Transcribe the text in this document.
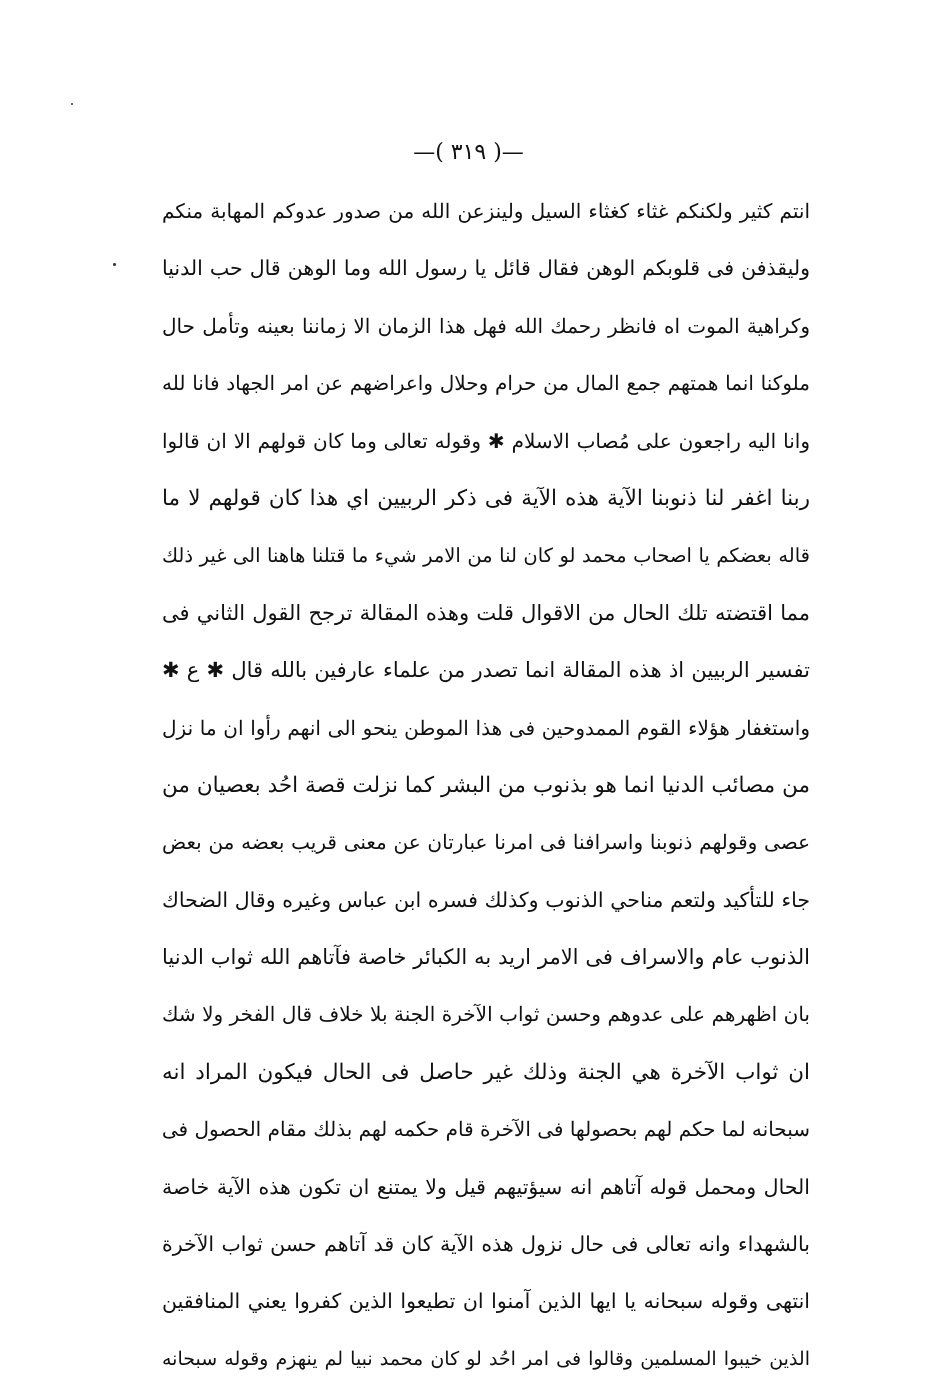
—( ٣١٩ )—
انتم كثير ولكنكم غثاء كغثاء السيل ولينزعن الله من صدور عدوكم المهابة منكم
وليقذفن فى قلوبكم الوهن فقال قائل يا رسول الله وما الوهن قال حب الدنيا
وكراهية الموت اه فانظر رحمك الله فهل هذا الزمان الا زماننا بعينه وتأمل حال
ملوكنا انما همتهم جمع المال من حرام وحلال واعراضهم عن امر الجهاد فانا لله
وانا اليه راجعون على مُصاب الاسلام ✱ وقوله تعالى وما كان قولهم الا ان قالوا
ربنا اغفر لنا ذنوبنا الآية هذه الآية فى ذكر الربيين اي هذا كان قولهم لا ما
قاله بعضكم يا اصحاب محمد لو كان لنا من الامر شيء ما قتلنا هاهنا الى غير ذلك
مما اقتضته تلك الحال من الاقوال قلت وهذه المقالة ترجح القول الثاني فى
تفسير الربيين اذ هذه المقالة انما تصدر من علماء عارفين بالله قال ✱ ع ✱
واستغفار هؤلاء القوم الممدوحين فى هذا الموطن ينحو الى انهم رأوا ان ما نزل
من مصائب الدنيا انما هو بذنوب من البشر كما نزلت قصة احُد بعصيان من
عصى وقولهم ذنوبنا واسرافنا فى امرنا عبارتان عن معنى قريب بعضه من بعض
جاء للتأكيد ولتعم مناحي الذنوب وكذلك فسره ابن عباس وغيره وقال الضحاك
الذنوب عام والاسراف فى الامر اريد به الكبائر خاصة فآتاهم الله ثواب الدنيا
بان اظهرهم على عدوهم وحسن ثواب الآخرة الجنة بلا خلاف قال الفخر ولا شك
ان ثواب الآخرة هي الجنة وذلك غير حاصل فى الحال فيكون المراد انه
سبحانه لما حكم لهم بحصولها فى الآخرة قام حكمه لهم بذلك مقام الحصول فى
الحال ومحمل قوله آتاهم انه سيؤتيهم قيل ولا يمتنع ان تكون هذه الآية خاصة
بالشهداء وانه تعالى فى حال نزول هذه الآية كان قد آتاهم حسن ثواب الآخرة
انتهى وقوله سبحانه يا ايها الذين آمنوا ان تطيعوا الذين كفروا يعني المنافقين
الذين خيبوا المسلمين وقالوا فى امر احُد لو كان محمد نبيا لم ينهزم وقوله سبحانه
